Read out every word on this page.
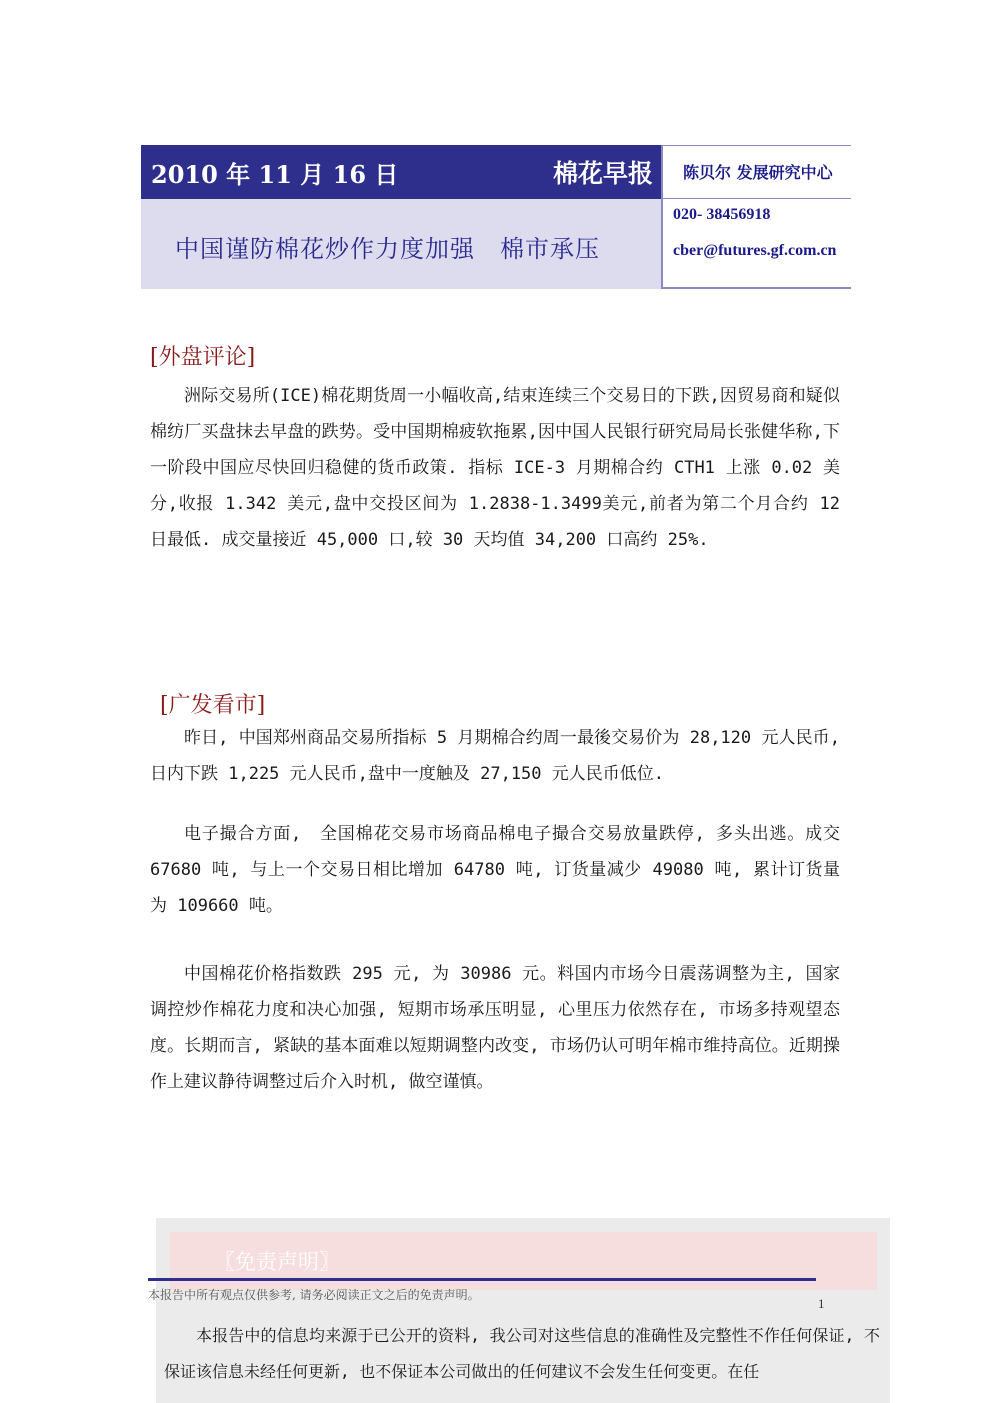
2010 年 11 月 16 日	棉花早报
中国谨防棉花炒作力度加强　棉市承压
陈贝尔 发展研究中心
020- 38456918
cber@futures.gf.com.cn
[外盘评论]

洲际交易所(ICE)棉花期货周一小幅收高,结束连续三个交易日的下跌,因贸易商和疑似棉纺厂买盘抹去早盘的跌势。受中国期棉疲软拖累,因中国人民银行研究局局长张健华称,下一阶段中国应尽快回归稳健的货币政策. 指标 ICE-3 月期棉合约 CTH1 上涨 0.02 美分,收报 1.342 美元,盘中交投区间为 1.2838-1.3499美元,前者为第二个月合约 12 日最低. 成交量接近 45,000 口,较 30 天均值 34,200 口高约 25%.

[广发看市]

昨日, 中国郑州商品交易所指标 5 月期棉合约周一最後交易价为 28,120 元人民币,日内下跌 1,225 元人民币,盘中一度触及 27,150 元人民币低位.

电子撮合方面,　全国棉花交易市场商品棉电子撮合交易放量跌停, 多头出逃。成交 67680 吨, 与上一个交易日相比增加 64780 吨, 订货量减少 49080 吨, 累计订货量为 109660 吨。

中国棉花价格指数跌 295 元, 为 30986 元。料国内市场今日震荡调整为主, 国家调控炒作棉花力度和决心加强, 短期市场承压明显, 心里压力依然存在, 市场多持观望态度。长期而言, 紧缺的基本面难以短期调整内改变, 市场仍认可明年棉市维持高位。近期操作上建议静待调整过后介入时机, 做空谨慎。

〖免责声明〗

本报告中的信息均来源于已公开的资料, 我公司对这些信息的准确性及完整性不作任何保证, 不保证该信息未经任何更新, 也不保证本公司做出的任何建议不会发生任何变更。在任

本报告中所有观点仅供参考, 请务必阅读正文之后的免责声明。
1
